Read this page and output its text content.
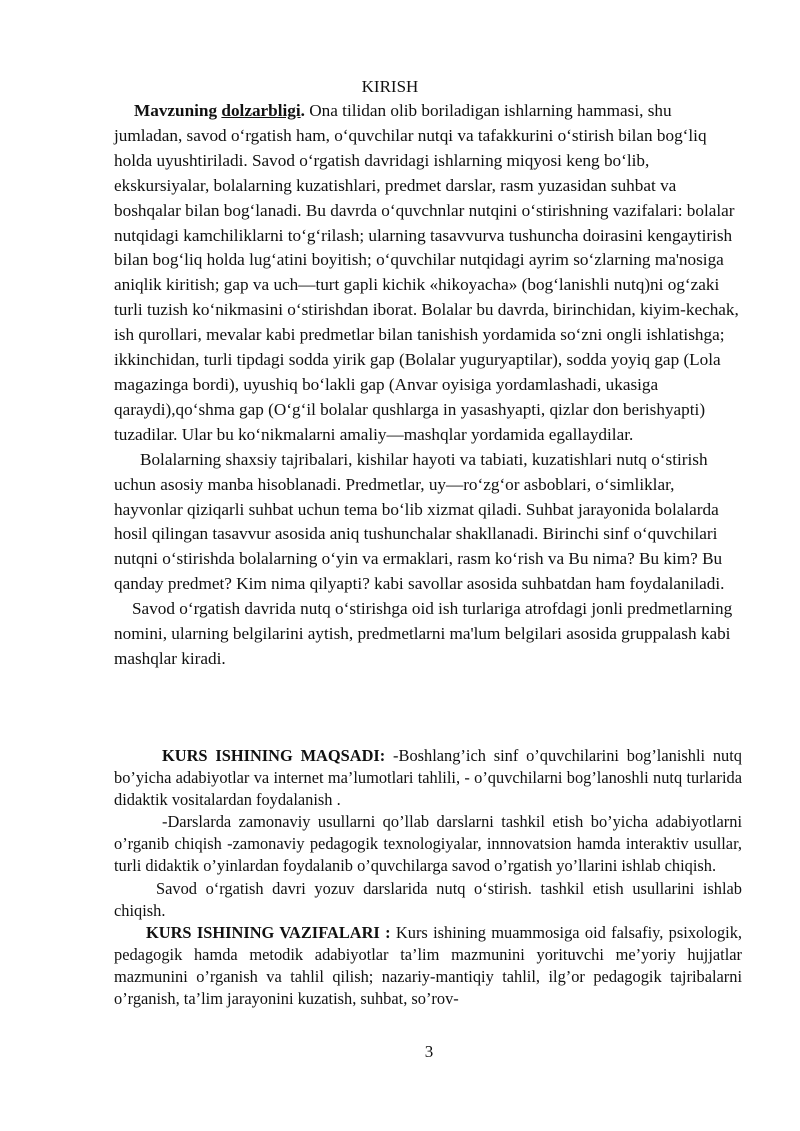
KIRISH

Mavzuning dolzarbligi. Ona tilidan olib boriladigan ishlarning hammasi, shu jumladan, savod o‘rgatish ham, o‘quvchilar nutqi va tafakkurini o‘stirish bilan bog‘liq holda uyushtiriladi. Savod o‘rgatish davridagi ishlarning miqyosi keng bo‘lib, ekskursiyalar, bolalarning kuzatishlari, predmet darslar, rasm yuzasidan suhbat va boshqalar bilan bog‘lanadi. Bu davrda o‘quvchnlar nutqini o‘stirishning vazifalari: bolalar nutqidagi kamchiliklarni to‘g‘rilash; ularning tasavvurva tushuncha doirasini kengaytirish bilan bog‘liq holda lug‘atini boyitish; o‘quvchilar nutqidagi ayrim so‘zlarning ma'nosiga aniqlik kiritish; gap va uch—turt gapli kichik «hikoyacha» (bog‘lanishli nutq)ni og‘zaki turli tuzish ko‘nikmasini o‘stirishdan iborat. Bolalar bu davrda, birinchidan, kiyim-kechak, ish qurollari, mevalar kabi predmetlar bilan tanishish yordamida so‘zni ongli ishlatishga; ikkinchidan, turli tipdagi sodda yirik gap (Bolalar yuguryaptilar), sodda yoyiq gap (Lola magazinga bordi), uyushiq bo‘lakli gap (Anvar oyisiga yordamlashadi, ukasiga qaraydi),qo‘shma gap (O‘g‘il bolalar qushlarga in yasashyapti, qizlar don berishyapti) tuzadilar. Ular bu ko‘nikmalarni amaliy—mashqlar yordamida egallaydilar.

Bolalarning shaxsiy tajribalari, kishilar hayoti va tabiati, kuzatishlari nutq o‘stirish uchun asosiy manba hisoblanadi. Predmetlar, uy—ro‘zg‘or asboblari, o‘simliklar, hayvonlar qiziqarli suhbat uchun tema bo‘lib xizmat qiladi. Suhbat jarayonida bolalarda hosil qilingan tasavvur asosida aniq tushunchalar shakllanadi. Birinchi sinf o‘quvchilari nutqni o‘stirishda bolalarning o‘yin va ermaklari, rasm ko‘rish va Bu nima? Bu kim? Bu qanday predmet? Kim nima qilyapti? kabi savollar asosida suhbatdan ham foydalaniladi.

Savod o‘rgatish davrida nutq o‘stirishga oid ish turlariga atrofdagi jonli predmetlarning nomini, ularning belgilarini aytish, predmetlarni ma'lum belgilari asosida gruppalash kabi mashqlar kiradi.

KURS ISHINING MAQSADI: -Boshlang’ich sinf o’quvchilarini bog’lanishli nutq bo’yicha adabiyotlar va internet ma’lumotlari tahlili, - o’quvchilarni bog’lanoshli nutq turlarida didaktik vositalardan foydalanish .

-Darslarda zamonaviy usullarni qo’llab darslarni tashkil etish bo’yicha adabiyotlarni o’rganib chiqish -zamonaviy pedagogik texnologiyalar, innnovatsion hamda interaktiv usullar, turli didaktik o’yinlardan foydalanib o’quvchilarga savod o’rgatish yo’llarini ishlab chiqish.

Savod o‘rgatish davri yozuv darslarida nutq o‘stirish. tashkil etish usullarini ishlab chiqish.

KURS ISHINING VAZIFALARI : Kurs ishining muammosiga oid falsafiy, psixologik, pedagogik hamda metodik adabiyotlar ta’lim mazmunini yorituvchi me’yoriy hujjatlar mazmunini o’rganish va tahlil qilish; nazariy-mantiqiy tahlil, ilg’or pedagogik tajribalarni o’rganish, ta’lim jarayonini kuzatish, suhbat, so’rov-

3
